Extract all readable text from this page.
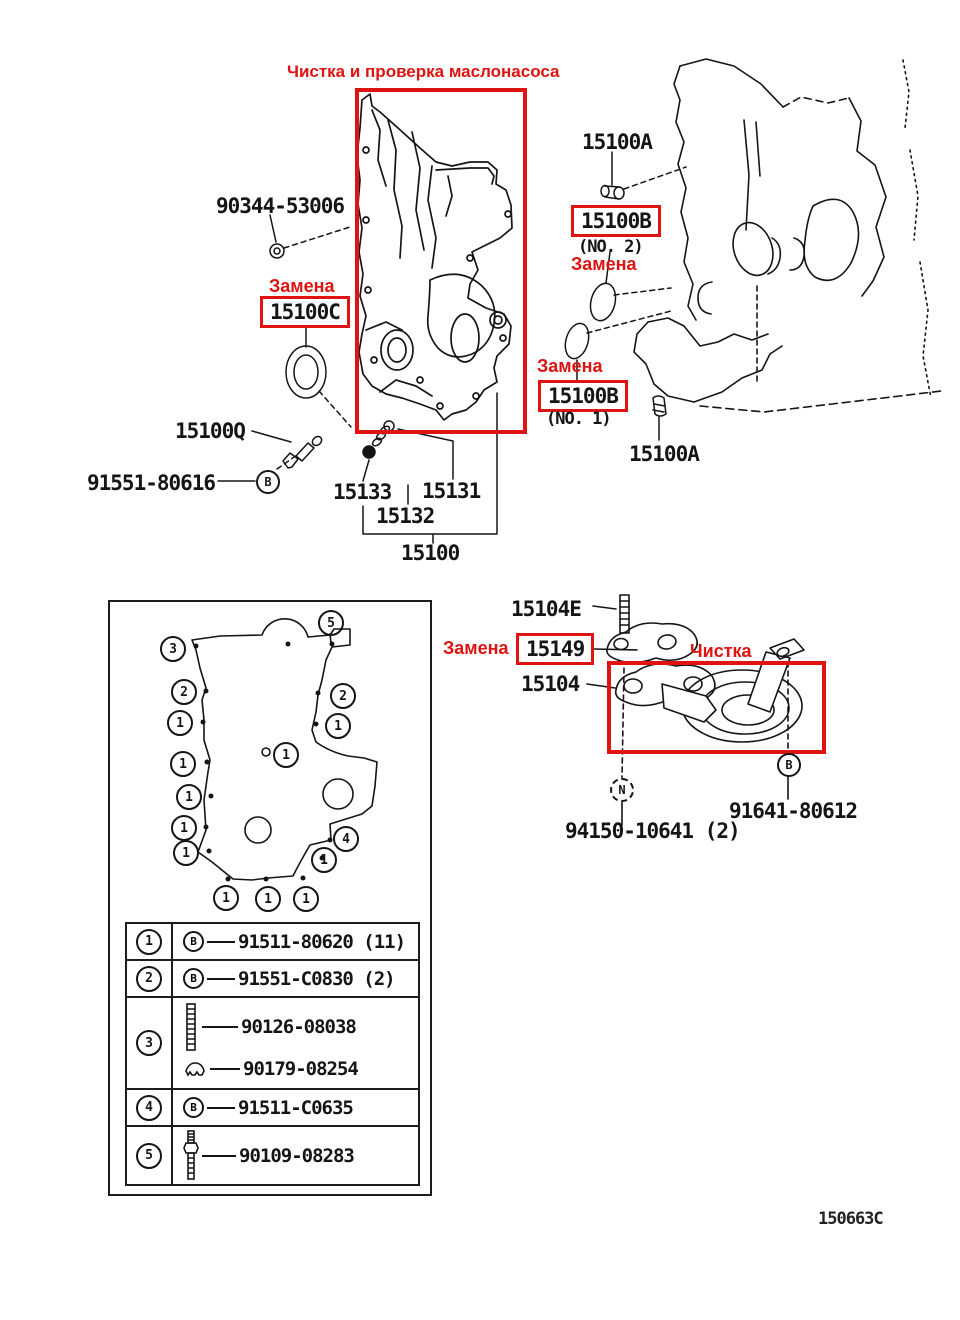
Чистка и проверка маслонасоса
Замена
Замена
Замена
Замена	Чистка
90344-53006
15100A
15100B
(NO. 2)
15100C
15100B
(NO. 1)
15100A
15100Q
91551-80616	15133 15131
15132
15100
15104E
15149
15104
91641-80612
94150-10641 (2)
150663C
B
B
N
3
5
2	2
1	1
1
1
1
1
4
1	1
1	1	1
1	B	91511-80620 (11)
2	B	91551-C0830 (2)
3
90126-08038
90179-08254
4	B	91511-C0635
5	90109-08283
